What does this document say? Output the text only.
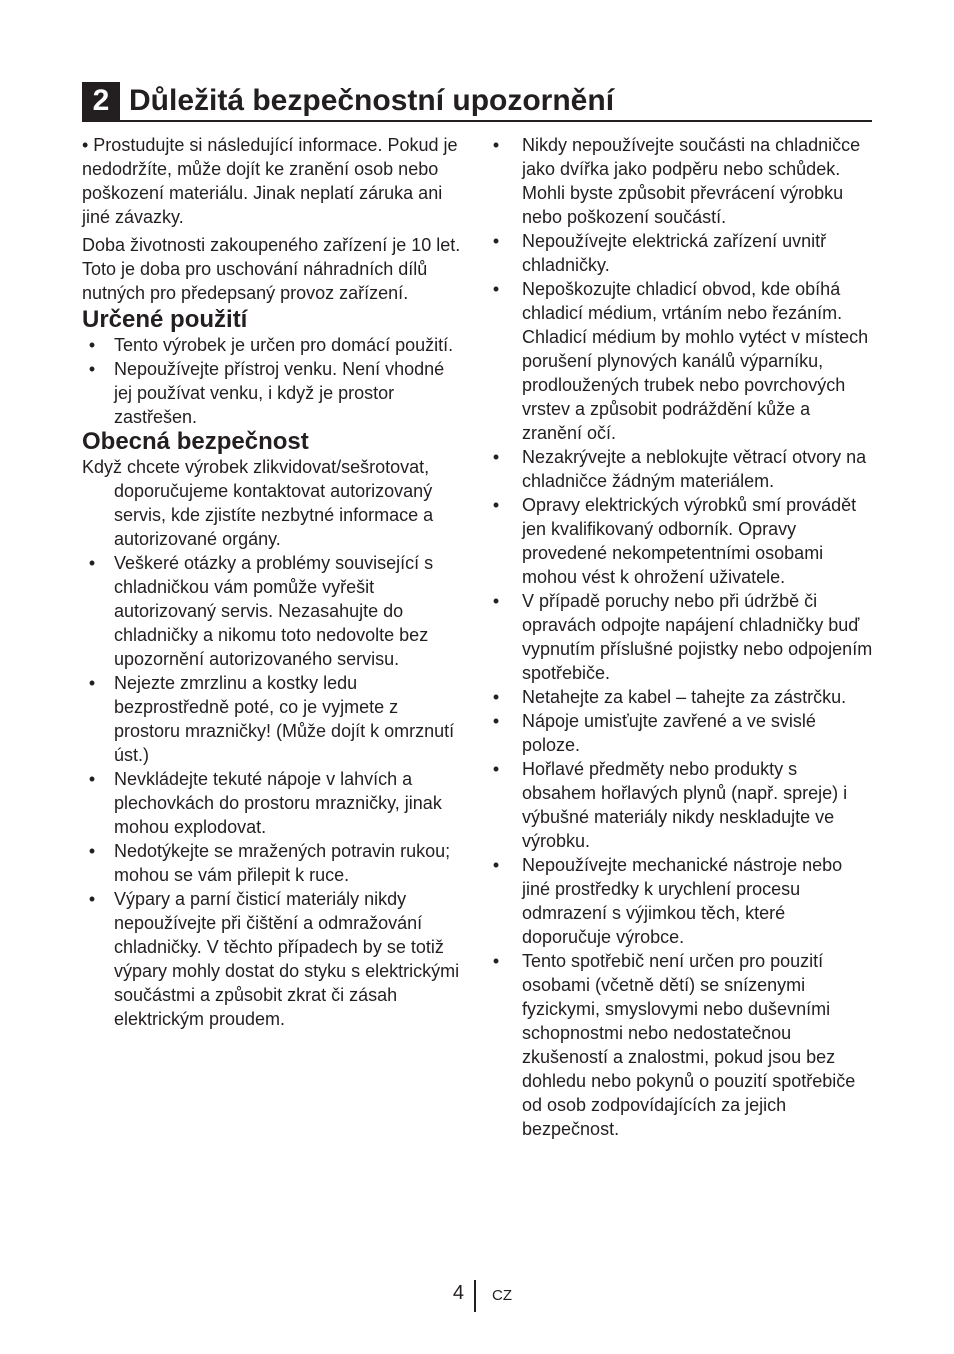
2 Důležitá bezpečnostní upozornění

• Prostudujte si následující informace. Pokud je nedodržíte, může dojít ke zranění osob nebo poškození materiálu. Jinak neplatí záruka ani jiné závazky.

Doba životnosti zakoupeného zařízení je 10 let. Toto je doba pro uschování náhradních dílů nutných pro předepsaný provoz zařízení.

Určené použití
• Tento výrobek je určen pro domácí použití.
• Nepoužívejte přístroj venku. Není vhodné jej používat venku, i když je prostor zastřešen.
Obecná bezpečnost

Když chcete výrobek zlikvidovat/sešrotovat, doporučujeme kontaktovat autorizovaný servis, kde zjistíte nezbytné informace a autorizované orgány.

• Veškeré otázky a problémy související s chladničkou vám pomůže vyřešit autorizovaný servis. Nezasahujte do chladničky a nikomu toto nedovolte bez upozornění autorizovaného servisu.
• Nejezte zmrzlinu a kostky ledu bezprostředně poté, co je vyjmete z prostoru mrazničky! (Může dojít k omrznutí úst.)
• Nevkládejte tekuté nápoje v lahvích a plechovkách do prostoru mrazničky, jinak mohou explodovat.
• Nedotýkejte se mražených potravin rukou; mohou se vám přilepit k ruce.
• Výpary a parní čisticí materiály nikdy nepoužívejte při čištění a odmražování chladničky. V těchto případech by se totiž výpary mohly dostat do styku s elektrickými součástmi a způsobit zkrat či zásah elektrickým proudem.
• Nikdy nepoužívejte součásti na chladničce jako dvířka jako podpěru nebo schůdek. Mohli byste způsobit převrácení výrobku nebo poškození součástí.
• Nepoužívejte elektrická zařízení uvnitř chladničky.
• Nepoškozujte chladicí obvod, kde obíhá chladicí médium, vrtáním nebo řezáním. Chladicí médium by mohlo vytéct v místech porušení plynových kanálů výparníku, prodloužených trubek nebo povrchových vrstev a způsobit podráždění kůže a zranění očí.
• Nezakrývejte a neblokujte větrací otvory na chladničce žádným materiálem.
• Opravy elektrických výrobků smí provádět jen kvalifikovaný odborník. Opravy provedené nekompetentními osobami mohou vést k ohrožení uživatele.
• V případě poruchy nebo při údržbě či opravách odpojte napájení chladničky buď vypnutím příslušné pojistky nebo odpojením spotřebiče.
• Netahejte za kabel – tahejte za zástrčku.
• Nápoje umisťujte zavřené a ve svislé poloze.
• Hořlavé předměty nebo produkty s obsahem hořlavých plynů (např. spreje) i výbušné materiály nikdy neskladujte ve výrobku.
• Nepoužívejte mechanické nástroje nebo jiné prostředky k urychlení procesu odmrazení s výjimkou těch, které doporučuje výrobce.
• Tento spotřebič není určen pro pouzití osobami (včetně dětí) se snízenymi fyzickymi, smyslovymi nebo duševními schopnostmi nebo nedostatečnou zkušeností a znalostmi, pokud jsou bez dohledu nebo pokynů o pouzití spotřebiče od osob zodpovídajících za jejich bezpečnost.
4 CZ
